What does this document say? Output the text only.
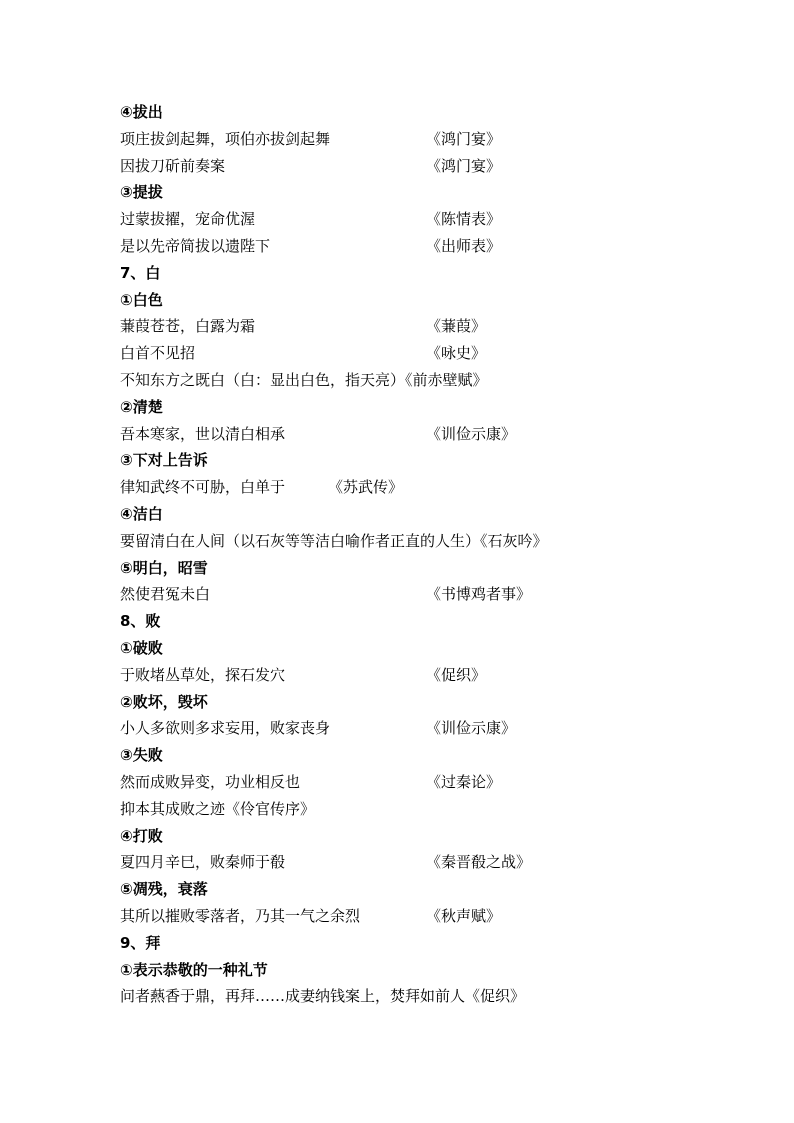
④拔出
项庄拔剑起舞，项伯亦拔剑起舞	《鸿门宴》
因拔刀斫前奏案	《鸿门宴》
③提拔
过蒙拔擢，宠命优渥	《陈情表》
是以先帝简拔以遗陛下	《出师表》
7、白
①白色
蒹葭苍苍，白露为霜	《蒹葭》
白首不见招	《咏史》
不知东方之既白（白：显出白色，指天亮）《前赤壁赋》
②清楚
吾本寒家，世以清白相承	《训俭示康》
③下对上告诉
律知武终不可胁，白单于	《苏武传》
④洁白
要留清白在人间（以石灰等等洁白喻作者正直的人生）《石灰吟》
⑤明白，昭雪
然使君冤未白	《书博鸡者事》
8、败
①破败
于败堵丛草处，探石发穴	《促织》
②败坏，毁坏
小人多欲则多求妄用，败家丧身	《训俭示康》
③失败
然而成败异变，功业相反也	《过秦论》
抑本其成败之迹《伶官传序》
④打败
夏四月辛巳，败秦师于殽	《秦晋殽之战》
⑤凋残，衰落
其所以摧败零落者，乃其一气之余烈	《秋声赋》
9、拜
①表示恭敬的一种礼节
问者爇香于鼎，再拜……成妻纳钱案上，焚拜如前人《促织》
